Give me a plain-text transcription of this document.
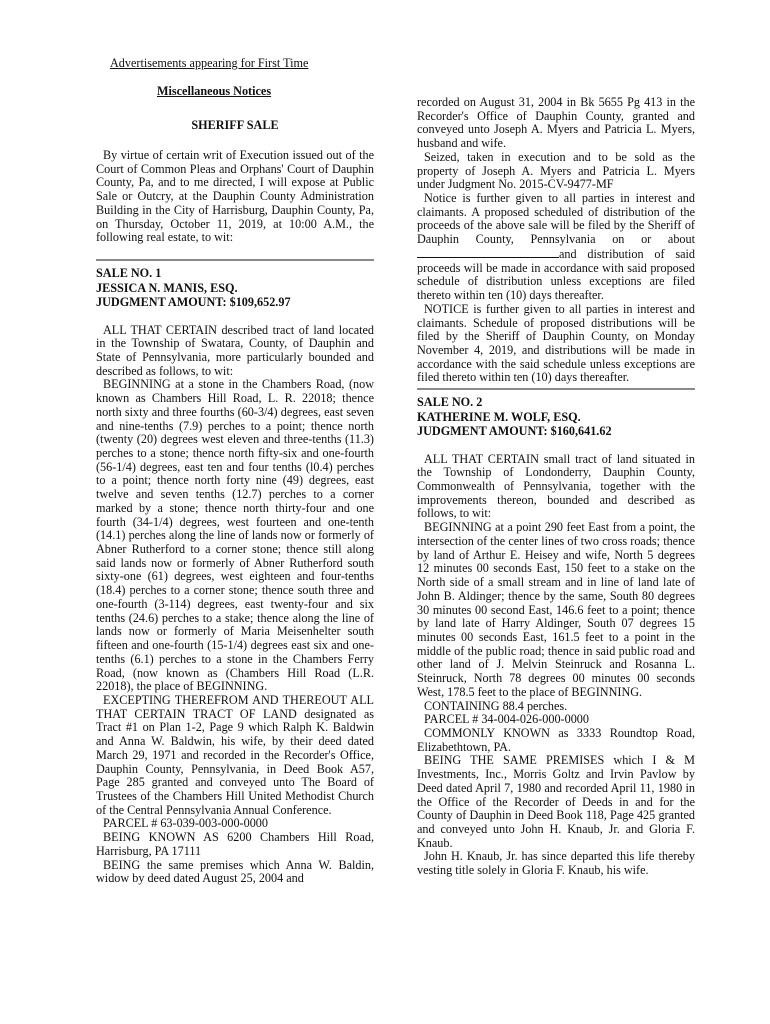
Advertisements appearing for First Time
Miscellaneous Notices
SHERIFF SALE

By virtue of certain writ of Execution issued out of the Court of Common Pleas and Orphans' Court of Dauphin County, Pa, and to me directed, I will expose at Public Sale or Outcry, at the Dauphin County Administration Building in the City of Harrisburg, Dauphin County, Pa, on Thursday, October 11, 2019, at 10:00 A.M., the following real estate, to wit:

SALE NO. 1
JESSICA N. MANIS, ESQ.
JUDGMENT AMOUNT: $109,652.97

ALL THAT CERTAIN described tract of land located in the Township of Swatara, County, of Dauphin and State of Pennsylvania, more particularly bounded and described as follows, to wit:

BEGINNING at a stone in the Chambers Road, (now known as Chambers Hill Road, L. R. 22018; thence north sixty and three fourths (60-3/4) degrees, east seven and nine-tenths (7.9) perches to a point; thence north (twenty (20) degrees west eleven and three-tenths (11.3) perches to a stone; thence north fifty-six and one-fourth (56-1/4) degrees, east ten and four tenths (l0.4) perches to a point; thence north forty nine (49) degrees, east twelve and seven tenths (12.7) perches to a corner marked by a stone; thence north thirty-four and one fourth (34-1/4) degrees, west fourteen and one-tenth (14.1) perches along the line of lands now or formerly of Abner Rutherford to a corner stone; thence still along said lands now or formerly of Abner Rutherford south sixty-one (61) degrees, west eighteen and four-tenths (18.4) perches to a corner stone; thence south three and one-fourth (3-114) degrees, east twenty-four and six tenths (24.6) perches to a stake; thence along the line of lands now or formerly of Maria Meisenhelter south fifteen and one-fourth (15-1/4) degrees east six and one-tenths (6.1) perches to a stone in the Chambers Ferry Road, (now known as (Chambers Hill Road (L.R. 22018), the place of BEGINNING.

EXCEPTING THEREFROM AND THEREOUT ALL THAT CERTAIN TRACT OF LAND designated as Tract #1 on Plan 1-2, Page 9 which Ralph K. Baldwin and Anna W. Baldwin, his wife, by their deed dated March 29, 1971 and recorded in the Recorder's Office, Dauphin County, Pennsylvania, in Deed Book A57, Page 285 granted and conveyed unto The Board of Trustees of the Chambers Hill United Methodist Church of the Central Pennsylvania Annual Conference.

PARCEL # 63-039-003-000-0000

BEING KNOWN AS 6200 Chambers Hill Road, Harrisburg, PA 17111

BEING the same premises which Anna W. Baldin, widow by deed dated August 25, 2004 and

recorded on August 31, 2004 in Bk 5655 Pg 413 in the Recorder's Office of Dauphin County, granted and conveyed unto Joseph A. Myers and Patricia L. Myers, husband and wife.

Seized, taken in execution and to be sold as the property of Joseph A. Myers and Patricia L. Myers under Judgment No. 2015-CV-9477-MF

Notice is further given to all parties in interest and claimants. A proposed scheduled of distribution of the proceeds of the above sale will be filed by the Sheriff of Dauphin County, Pennsylvania on or aboutand distribution of said proceeds will be made in accordance with said proposed schedule of distribution unless exceptions are filed thereto within ten (10) days thereafter.

NOTICE is further given to all parties in interest and claimants. Schedule of proposed distributions will be filed by the Sheriff of Dauphin County, on Monday November 4, 2019, and distributions will be made in accordance with the said schedule unless exceptions are filed thereto within ten (10) days thereafter.

SALE NO. 2
KATHERINE M. WOLF, ESQ.
JUDGMENT AMOUNT: $160,641.62

ALL THAT CERTAIN small tract of land situated in the Township of Londonderry, Dauphin County, Commonwealth of Pennsylvania, together with the improvements thereon, bounded and described as follows, to wit:

BEGINNING at a point 290 feet East from a point, the intersection of the center lines of two cross roads; thence by land of Arthur E. Heisey and wife, North 5 degrees 12 minutes 00 seconds East, 150 feet to a stake on the North side of a small stream and in line of land late of John B. Aldinger; thence by the same, South 80 degrees 30 minutes 00 second East, 146.6 feet to a point; thence by land late of Harry Aldinger, South 07 degrees 15 minutes 00 seconds East, 161.5 feet to a point in the middle of the public road; thence in said public road and other land of J. Melvin Steinruck and Rosanna L. Steinruck, North 78 degrees 00 minutes 00 seconds West, 178.5 feet to the place of BEGINNING.

CONTAINING 88.4 perches.

PARCEL # 34-004-026-000-0000

COMMONLY KNOWN as 3333 Roundtop Road, Elizabethtown, PA.

BEING THE SAME PREMISES which I & M Investments, Inc., Morris Goltz and Irvin Pavlow by Deed dated April 7, 1980 and recorded April 11, 1980 in the Office of the Recorder of Deeds in and for the County of Dauphin in Deed Book 118, Page 425 granted and conveyed unto John H. Knaub, Jr. and Gloria F. Knaub.

John H. Knaub, Jr. has since departed this life thereby vesting title solely in Gloria F. Knaub, his wife.
